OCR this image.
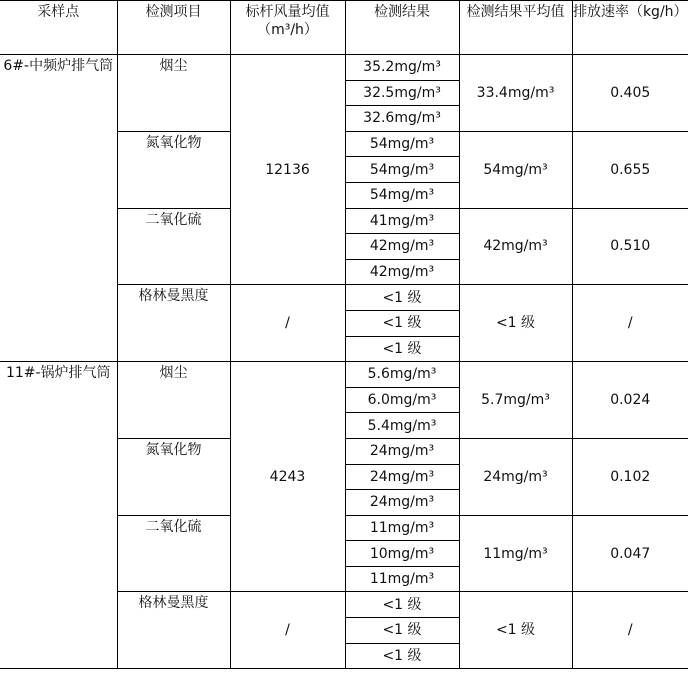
采样点	检测项目	标杆风量均值（m³/h）	检测结果	检测结果平均值	排放速率（kg/h）
6#-中频炉排气筒	烟尘	12136	35.2mg/m³	33.4mg/m³	0.405
			32.5mg/m³		
			32.6mg/m³		
	氮氧化物		54mg/m³	54mg/m³	0.655
			54mg/m³		
			54mg/m³		
	二氧化硫		41mg/m³	42mg/m³	0.510
			42mg/m³		
			42mg/m³		
	格林曼黑度	/	<1 级	<1 级	/
			<1 级		
			<1 级		
11#-锅炉排气筒	烟尘	4243	5.6mg/m³	5.7mg/m³	0.024
			6.0mg/m³		
			5.4mg/m³		
	氮氧化物		24mg/m³	24mg/m³	0.102
			24mg/m³		
			24mg/m³		
	二氧化硫		11mg/m³	11mg/m³	0.047
			10mg/m³		
			11mg/m³		
	格林曼黑度	/	<1 级	<1 级	/
			<1 级		
			<1 级		
